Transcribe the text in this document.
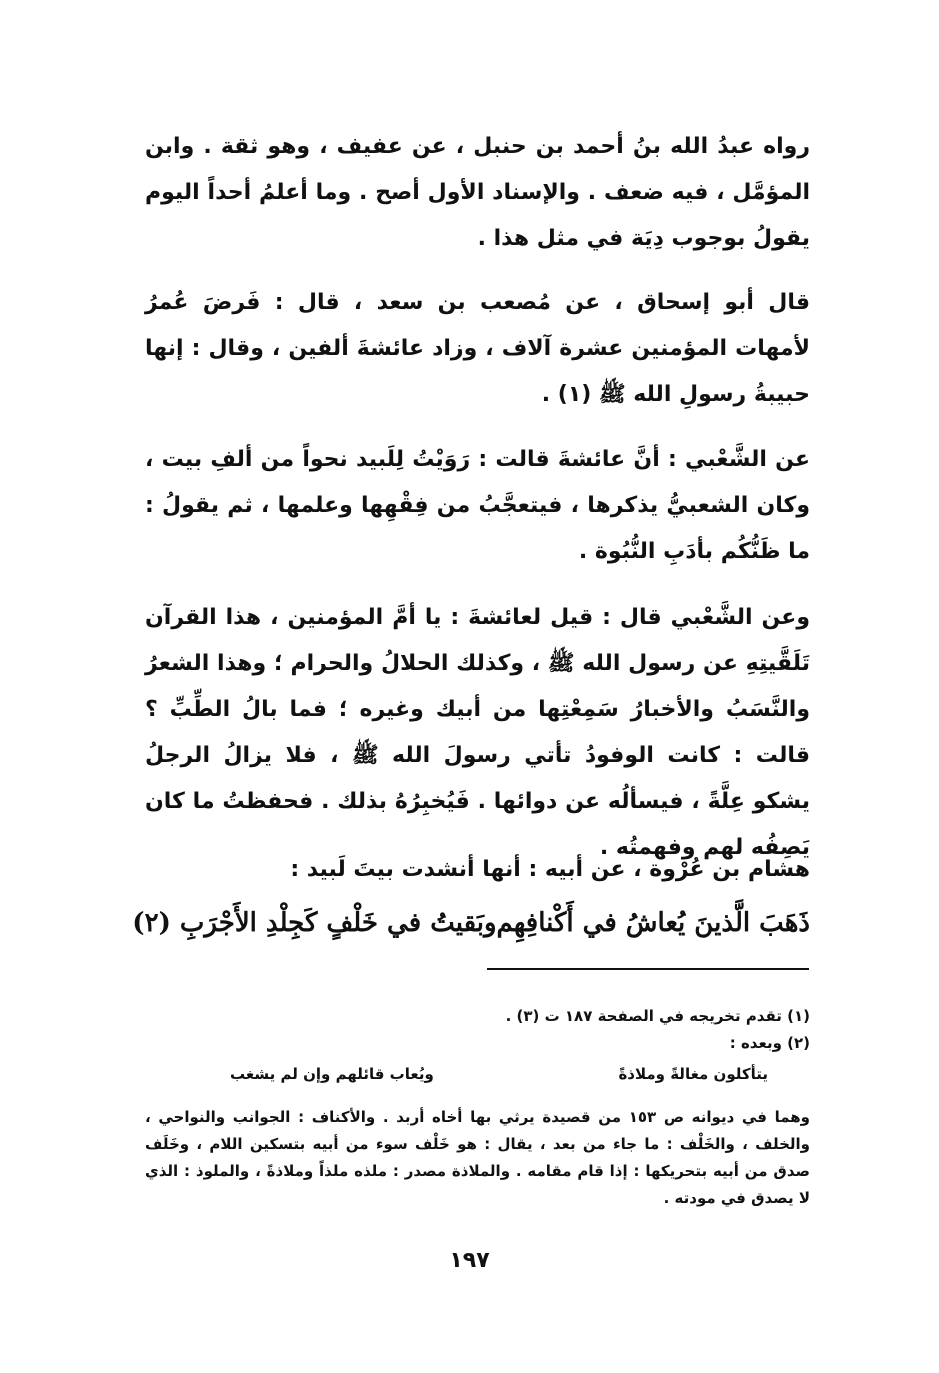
رواه عبدُ الله بنُ أحمد بن حنبل ، عن عفيف ، وهو ثقة . وابن المؤمَّل ، فيه ضعف . والإسناد الأول أصح . وما أعلمُ أحداً اليوم يقولُ بوجوب دِيَة في مثل هذا .

قال أبو إسحاق ، عن مُصعب بن سعد ، قال : فَرضَ عُمرُ لأمهات المؤمنين عشرة آلاف ، وزاد عائشةَ ألفين ، وقال : إنها حبيبةُ رسولِ الله ﷺ (١) .

عن الشَّعْبي : أنَّ عائشةَ قالت : رَوَيْتُ لِلَبيد نحواً من ألفِ بيت ، وكان الشعبيُّ يذكرها ، فيتعجَّبُ من فِقْهِها وعلمها ، ثم يقولُ : ما ظَنُّكُم بأدَبِ النُّبُوة .

وعن الشَّعْبي قال : قيل لعائشةَ : يا أمَّ المؤمنين ، هذا القرآن تَلَقَّيتِهِ عن رسول الله ﷺ ، وكذلك الحلالُ والحرام ؛ وهذا الشعرُ والنَّسَبُ والأخبارُ سَمِعْتِها من أبيك وغيره ؛ فما بالُ الطِّبِّ ؟ قالت : كانت الوفودُ تأتي رسولَ الله ﷺ ، فلا يزالُ الرجلُ يشكو عِلَّةً ، فيسألُه عن دوائها . فَيُخبِرُهُ بذلك . فحفظتُ ما كان يَصِفُه لهم وفهمتُه .

هشام بن عُرْوة ، عن أبيه : أنها أنشدت بيتَ لَبيد :

ذَهَبَ الَّذينَ يُعاشُ في أَكْنافِهِم
وبَقيتُ في خَلْفٍ كَجِلْدِ الأَجْرَبِ (٢)

(١) تقدم تخريجه في الصفحة ١٨٧ ت (٣) .

(٢) وبعده :

يتأكلون مغالةً وملاذةً
ويُعاب قائلهم وإن لم يشغب

وهما في ديوانه ص ١٥٣ من قصيدة يرثي بها أخاه أربد . والأكناف : الجوانب والنواحي ، والخلف ، والخَلْف : ما جاء من بعد ، يقال : هو خَلْف سوء من أبيه بتسكين اللام ، وخَلَف صدق من أبيه بتحريكها : إذا قام مقامه . والملاذة مصدر : ملذه ملذاً وملاذةً ، والملوذ : الذي لا يصدق في مودته .

١٩٧
